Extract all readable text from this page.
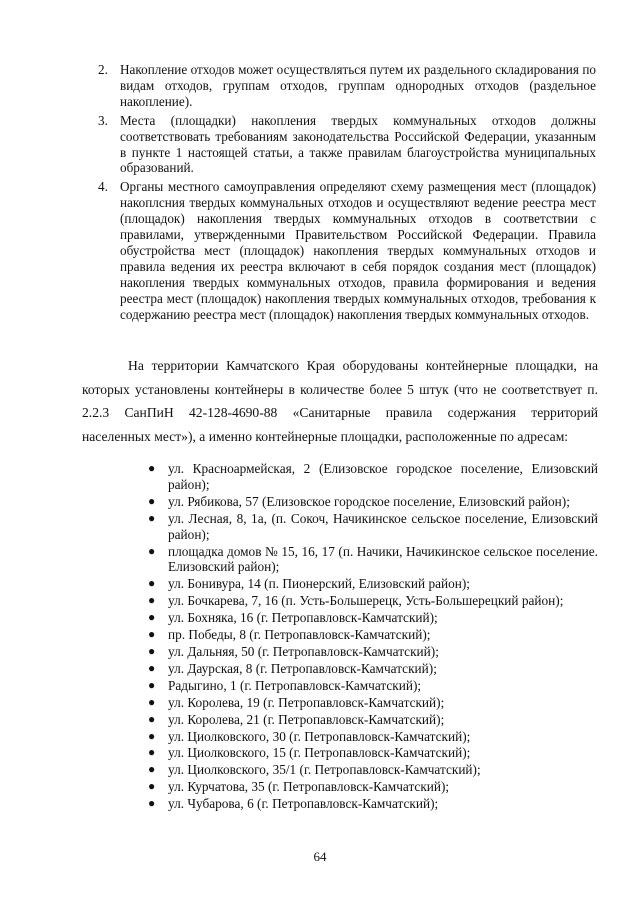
2. Накопление отходов может осуществляться путем их раздельного складирования по видам отходов, группам отходов, группам однородных отходов (раздельное накопление).
3. Места (площадки) накопления твердых коммунальных отходов должны соответствовать требованиям законодательства Российской Федерации, указанным в пункте 1 настоящей статьи, а также правилам благоустройства муниципальных образований.
4. Органы местного самоуправления определяют схему размещения мест (площадок) накоплсния твердых коммунальных отходов и осуществляют ведение реестра мест (площадок) накопления твердых коммунальных отходов в соответствии с правилами, утвержденными Правительством Российской Федерации. Правила обустройства мест (площадок) накопления твердых коммунальных отходов и правила ведения их реестра включают в себя порядок создания мест (площадок) накопления твердых коммунальных отходов, правила формирования и ведения реестра мест (площадок) накопления твердых коммунальных отходов, требования к содержанию реестра мест (площадок) накопления твердых коммунальных отходов.

На территории Камчатского Края оборудованы контейнерные площадки, на которых установлены контейнеры в количестве более 5 штук (что не соответствует п. 2.2.3 СанПиН 42-128-4690-88 «Санитарные правила содержания территорий населенных мест»), а именно контейнерные площадки, расположенные по адресам:

● ул. Красноармейская, 2 (Елизовское городское поселение, Елизовский район);
● ул. Рябикова, 57 (Елизовское городское поселение, Елизовский район);
● ул. Лесная, 8, 1а, (п. Сокоч, Начикинское сельское поселение, Елизовский район);
● площадка домов № 15, 16, 17 (п. Начики, Начикинское сельское поселение. Елизовский район);
● ул. Бонивура, 14 (п. Пионерский, Елизовский район);
● ул. Бочкарева, 7, 16 (п. Усть-Большерецк, Усть-Большерецкий район);
● ул. Бохняка, 16 (г. Петропавловск-Камчатский);
● пр. Победы, 8 (г. Петропавловск-Камчатский);
● ул. Дальняя, 50 (г. Петропавловск-Камчатский);
● ул. Даурская, 8 (г. Петропавловск-Камчатский);
● Радыгино, 1 (г. Петропавловск-Камчатский);
● ул. Королева, 19 (г. Петропавловск-Камчатский);
● ул. Королева, 21 (г. Петропавловск-Камчатский);
● ул. Циолковского, 30 (г. Петропавловск-Камчатский);
● ул. Циолковского, 15 (г. Петропавловск-Камчатский);
● ул. Циолковского, 35/1 (г. Петропавловск-Камчатский);
● ул. Курчатова, 35 (г. Петропавловск-Камчатский);
● ул. Чубарова, 6 (г. Петропавловск-Камчатский);
64
